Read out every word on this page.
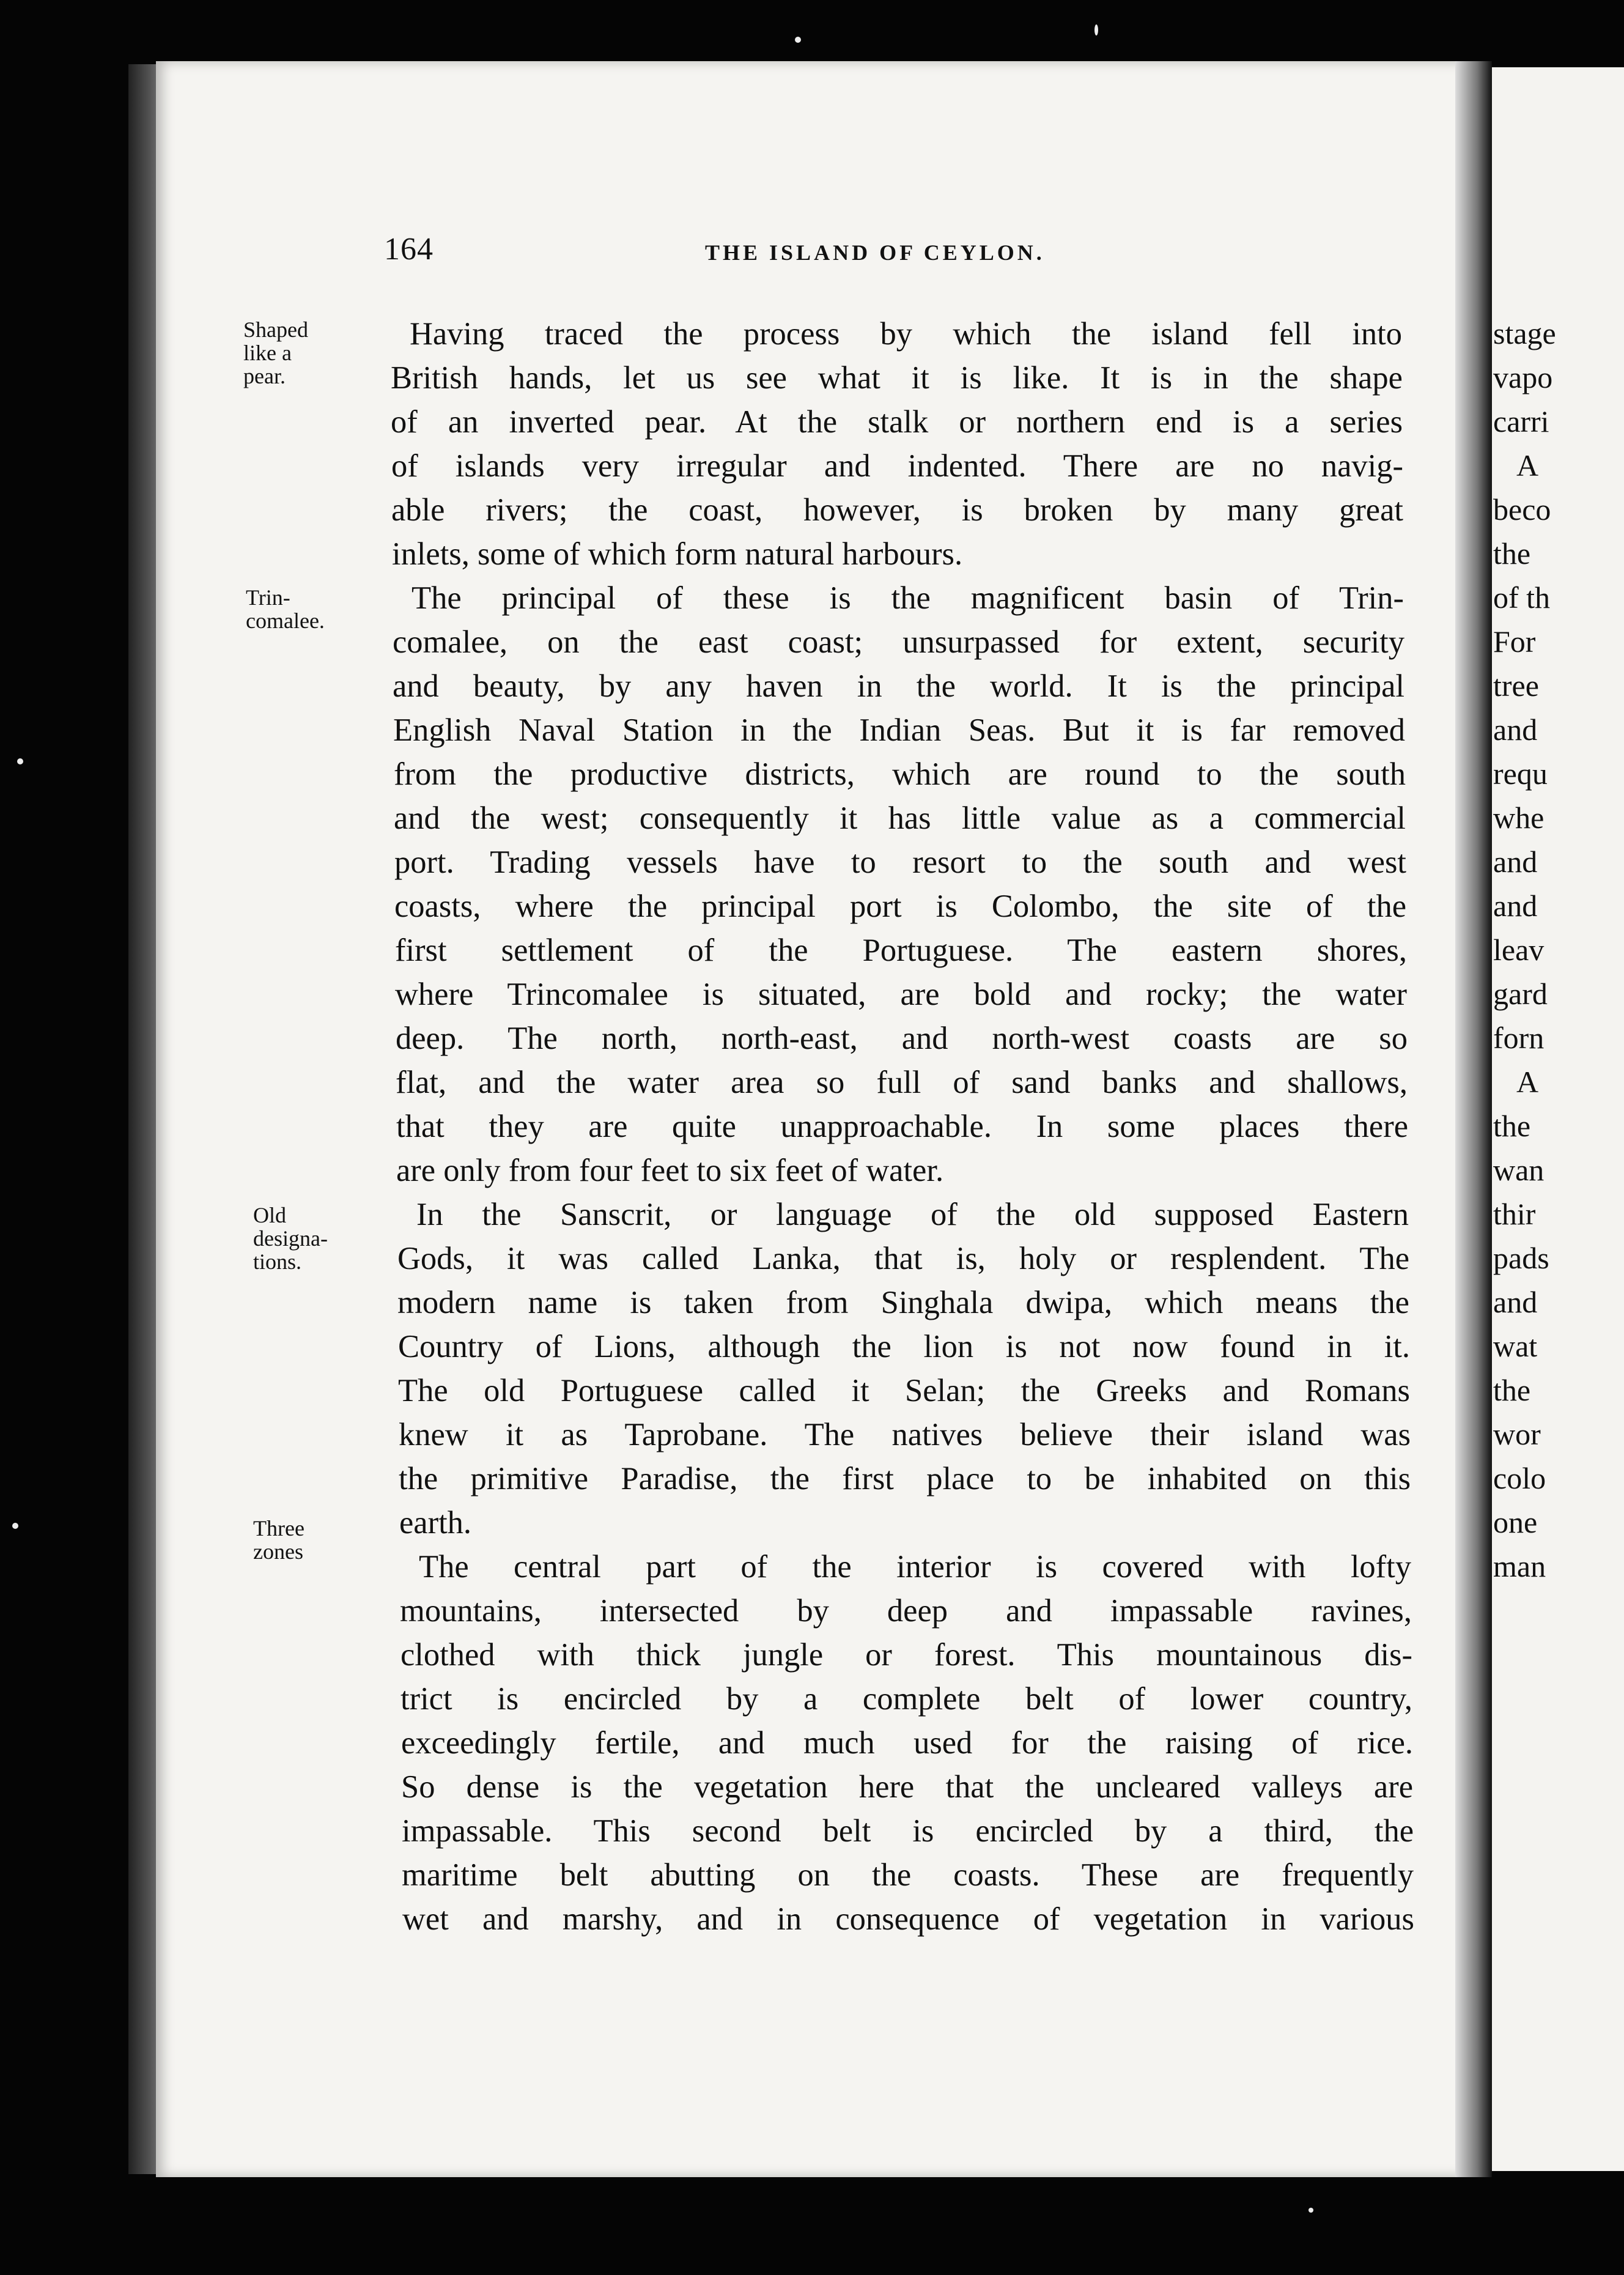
stage
vapo
carri
A
beco
the
of th
For
tree
and
requ
whe
and
and
leav
gard
forn
A
the
wan
thir
pads
and
wat
the
wor
colo
one
man
164	THE ISLAND OF CEYLON.
Shaped like a pear.
Trin- comalee.
Old designa- tions.
Three zones
Having traced the process by which the island fell into
British hands, let us see what it is like. It is in the shape
of an inverted pear. At the stalk or northern end is a series
of islands very irregular and indented. There are no navig-
able rivers; the coast, however, is broken by many great
inlets, some of which form natural harbours.
The principal of these is the magnificent basin of Trin-
comalee, on the east coast; unsurpassed for extent, security
and beauty, by any haven in the world. It is the principal
English Naval Station in the Indian Seas. But it is far removed
from the productive districts, which are round to the south
and the west; consequently it has little value as a commercial
port. Trading vessels have to resort to the south and west
coasts, where the principal port is Colombo, the site of the
first settlement of the Portuguese. The eastern shores,
where Trincomalee is situated, are bold and rocky; the water
deep. The north, north-east, and north-west coasts are so
flat, and the water area so full of sand banks and shallows,
that they are quite unapproachable. In some places there
are only from four feet to six feet of water.
In the Sanscrit, or language of the old supposed Eastern
Gods, it was called Lanka, that is, holy or resplendent. The
modern name is taken from Singhala dwipa, which means the
Country of Lions, although the lion is not now found in it.
The old Portuguese called it Selan; the Greeks and Romans
knew it as Taprobane. The natives believe their island was
the primitive Paradise, the first place to be inhabited on this
earth.
The central part of the interior is covered with lofty
mountains, intersected by deep and impassable ravines,
clothed with thick jungle or forest. This mountainous dis-
trict is encircled by a complete belt of lower country,
exceedingly fertile, and much used for the raising of rice.
So dense is the vegetation here that the uncleared valleys are
impassable. This second belt is encircled by a third, the
maritime belt abutting on the coasts. These are frequently
wet and marshy, and in consequence of vegetation in various
